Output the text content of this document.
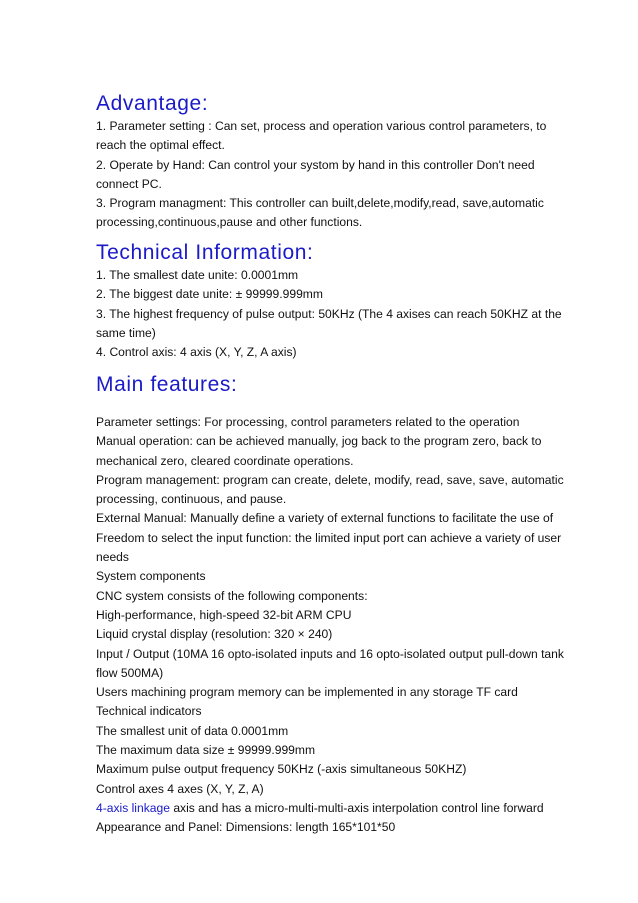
Advantage:

1. Parameter setting : Can set, process and operation various control parameters, to reach the optimal effect.

2. Operate by Hand: Can control your systom by hand in this controller Don't need connect PC.

3. Program managment: This controller can built,delete,modify,read, save,automatic processing,continuous,pause and other functions.

Technical Information:

1. The smallest date unite: 0.0001mm

2. The biggest date unite: ± 99999.999mm

3. The highest frequency of pulse output: 50KHz (The 4 axises can reach 50KHZ at the same time)

4. Control axis: 4 axis (X, Y, Z, A axis)

Main features:

Parameter settings: For processing, control parameters related to the operation

Manual operation: can be achieved manually, jog back to the program zero, back to mechanical zero, cleared coordinate operations.

Program management: program can create, delete, modify, read, save, save, automatic processing, continuous, and pause.

External Manual: Manually define a variety of external functions to facilitate the use of

Freedom to select the input function: the limited input port can achieve a variety of user needs

System components

CNC system consists of the following components:

High-performance, high-speed 32-bit ARM CPU

Liquid crystal display (resolution: 320 × 240)

Input / Output (10MA 16 opto-isolated inputs and 16 opto-isolated output pull-down tank flow 500MA)

Users machining program memory can be implemented in any storage TF card

Technical indicators

The smallest unit of data 0.0001mm

The maximum data size ± 99999.999mm

Maximum pulse output frequency 50KHz (-axis simultaneous 50KHZ)

Control axes 4 axes (X, Y, Z, A)

4-axis linkage axis and has a micro-multi-multi-axis interpolation control line forward

Appearance and Panel: Dimensions: length 165*101*50
